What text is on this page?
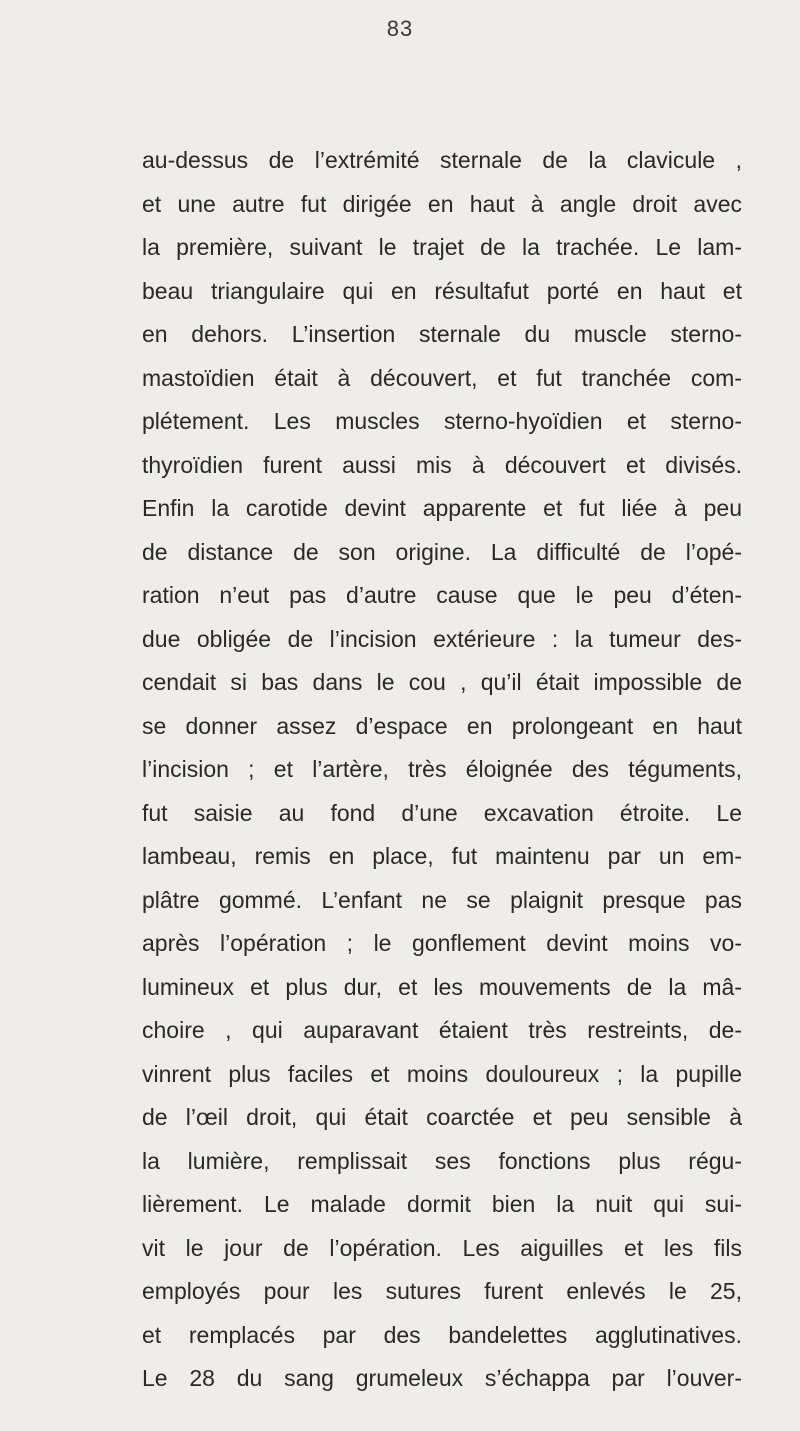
83
au-dessus de l’extrémité sternale de la clavicule ,
et une autre fut dirigée en haut à angle droit avec
la première, suivant le trajet de la trachée. Le lam-
beau triangulaire qui en résultafut porté en haut et
en dehors. L’insertion sternale du muscle sterno-
mastoïdien était à découvert, et fut tranchée com-
plétement. Les muscles sterno-hyoïdien et sterno-
thyroïdien furent aussi mis à découvert et divisés.
Enfin la carotide devint apparente et fut liée à peu
de distance de son origine. La difficulté de l’opé-
ration n’eut pas d’autre cause que le peu d’éten-
due obligée de l’incision extérieure : la tumeur des-
cendait si bas dans le cou , qu’il était impossible de
se donner assez d’espace en prolongeant en haut
l’incision ; et l’artère, très éloignée des téguments,
fut saisie au fond d’une excavation étroite. Le
lambeau, remis en place, fut maintenu par un em-
plâtre gommé. L’enfant ne se plaignit presque pas
après l’opération ; le gonflement devint moins vo-
lumineux et plus dur, et les mouvements de la mâ-
choire , qui auparavant étaient très restreints, de-
vinrent plus faciles et moins douloureux ; la pupille
de l’œil droit, qui était coarctée et peu sensible à
la lumière, remplissait ses fonctions plus régu-
lièrement. Le malade dormit bien la nuit qui sui-
vit le jour de l’opération. Les aiguilles et les fils
employés pour les sutures furent enlevés le 25,
et remplacés par des bandelettes agglutinatives.
Le 28 du sang grumeleux s’échappa par l’ouver-
